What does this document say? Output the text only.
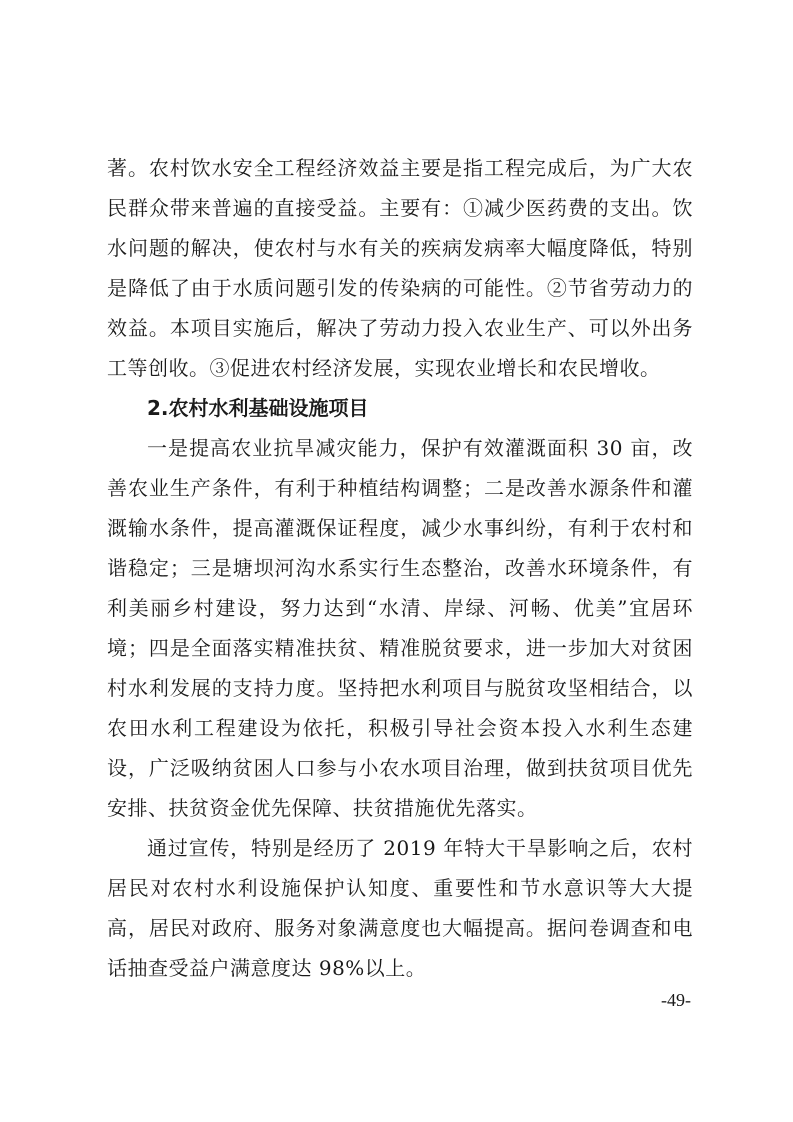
著。农村饮水安全工程经济效益主要是指工程完成后，为广大农民群众带来普遍的直接受益。主要有：①减少医药费的支出。饮水问题的解决，使农村与水有关的疾病发病率大幅度降低，特别是降低了由于水质问题引发的传染病的可能性。②节省劳动力的效益。本项目实施后，解决了劳动力投入农业生产、可以外出务工等创收。③促进农村经济发展，实现农业增长和农民增收。

2.农村水利基础设施项目

一是提高农业抗旱减灾能力，保护有效灌溉面积 30 亩，改善农业生产条件，有利于种植结构调整；二是改善水源条件和灌溉输水条件，提高灌溉保证程度，减少水事纠纷，有利于农村和谐稳定；三是塘坝河沟水系实行生态整治，改善水环境条件，有利美丽乡村建设，努力达到“水清、岸绿、河畅、优美”宜居环境；四是全面落实精准扶贫、精准脱贫要求，进一步加大对贫困村水利发展的支持力度。坚持把水利项目与脱贫攻坚相结合，以农田水利工程建设为依托，积极引导社会资本投入水利生态建设，广泛吸纳贫困人口参与小农水项目治理，做到扶贫项目优先安排、扶贫资金优先保障、扶贫措施优先落实。

通过宣传，特别是经历了 2019 年特大干旱影响之后，农村居民对农村水利设施保护认知度、重要性和节水意识等大大提高，居民对政府、服务对象满意度也大幅提高。据问卷调查和电话抽查受益户满意度达 98%以上。

-49-
